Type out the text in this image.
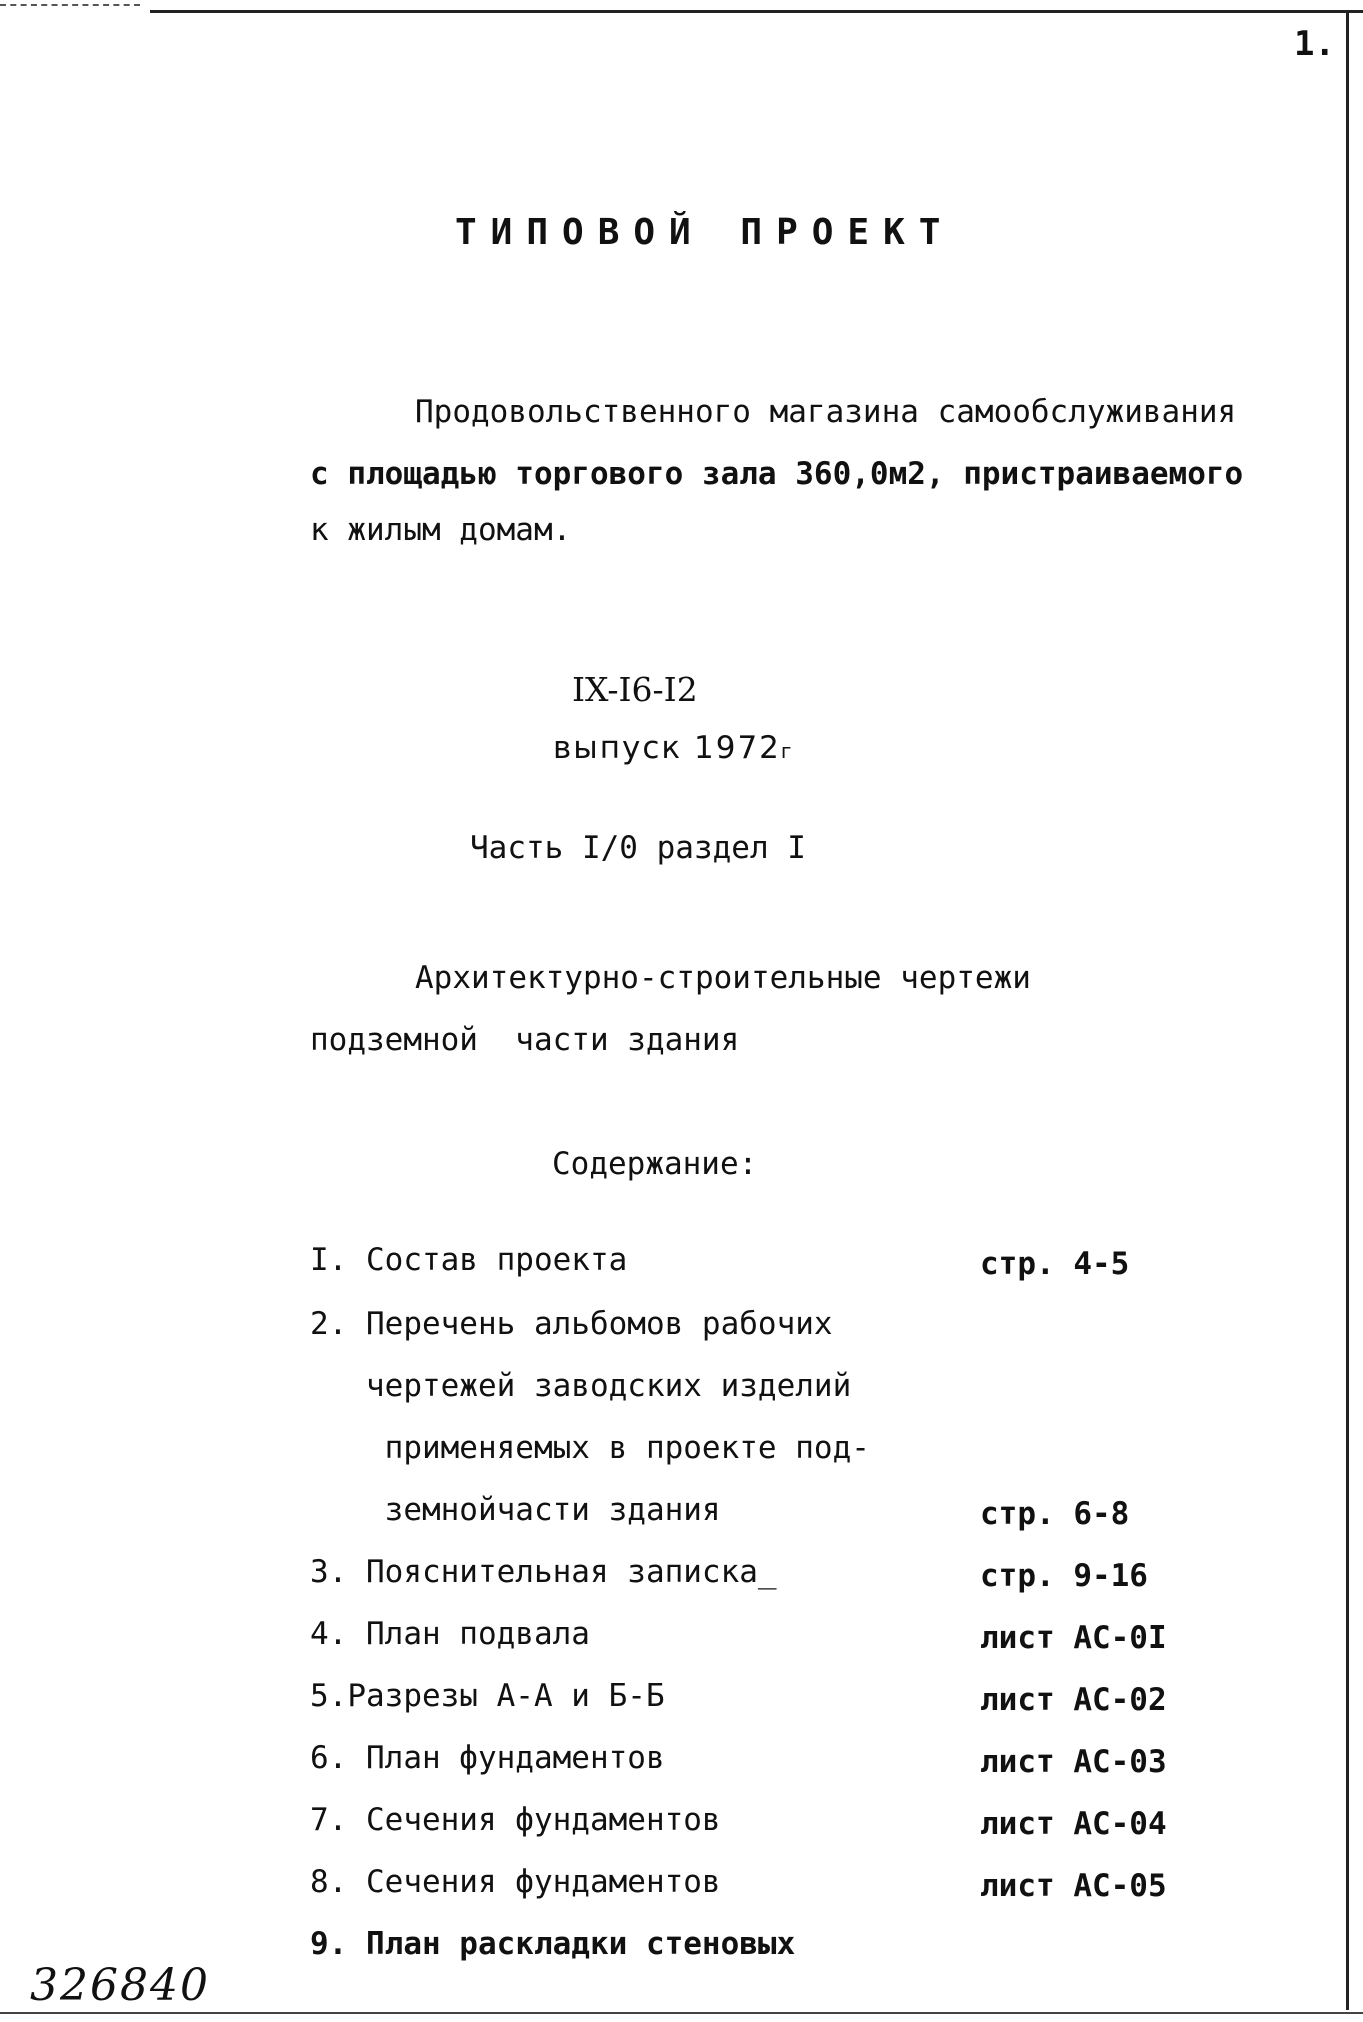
1.
ТИПОВОЙ ПРОЕКТ
Продовольственного магазина самообслуживания
с площадью торгового зала 360,0м2, пристраиваемого
к жилым домам.
IX-I6-I2
выпуск 1972г
Часть I/0 раздел I
Архитектурно-строительные чертежи
подземной  части здания
Содержание:
I. Состав проекта	стр. 4-5
2. Перечень альбомов рабочих
чертежей заводских изделий
применяемых в проекте под-
земнойчасти здания	стр. 6-8
3. Пояснительная записка_	стр. 9-16
4. План подвала	лист АС-0I
5.Разрезы А-А и Б-Б	лист АС-02
6. План фундаментов	лист АС-03
7. Сечения фундаментов	лист АС-04
8. Сечения фундаментов	лист АС-05
9. План раскладки стеновых
326840
